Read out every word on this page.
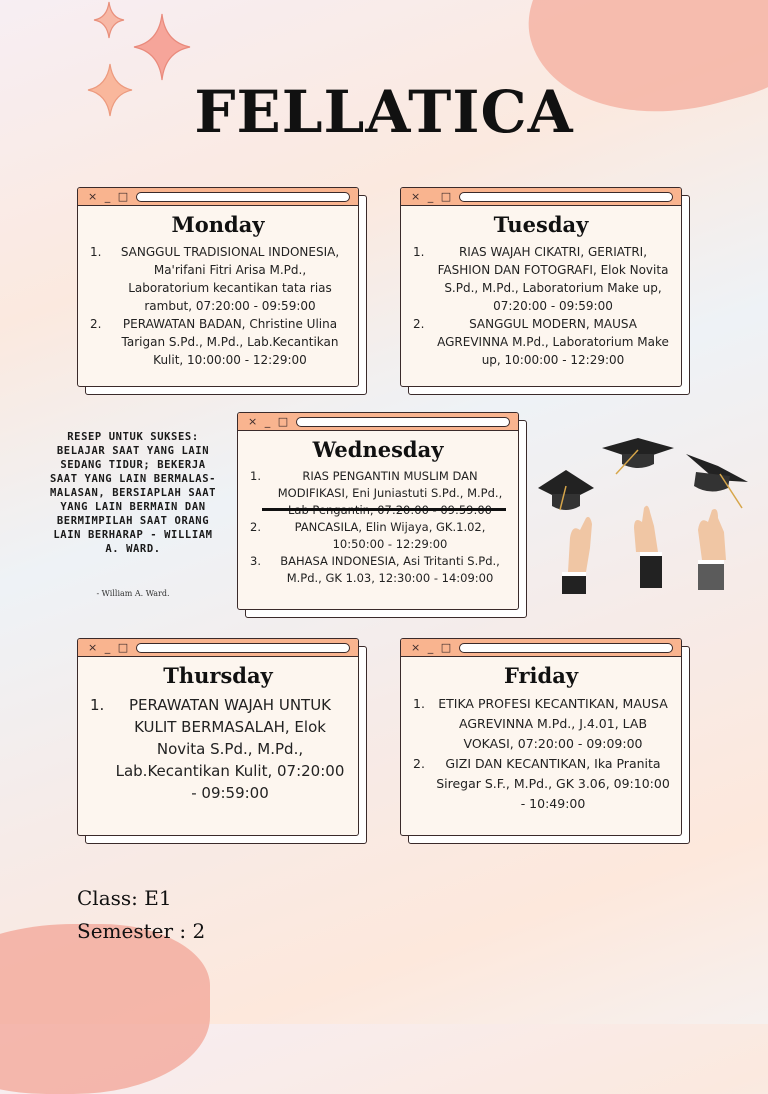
FELLATICA
× _ □
Monday
1. SANGGUL TRADISIONAL INDONESIA, Ma'rifani Fitri Arisa M.Pd., Laboratorium kecantikan tata rias rambut, 07:20:00 - 09:59:00
2. PERAWATAN BADAN, Christine Ulina Tarigan S.Pd., M.Pd., Lab.Kecantikan Kulit, 10:00:00 - 12:29:00
× _ □
Tuesday
1.	RIAS WAJAH CIKATRI, GERIATRI, FASHION DAN FOTOGRAFI, Elok Novita S.Pd., M.Pd., Laboratorium Make up, 07:20:00 - 09:59:00
2.	SANGGUL MODERN, MAUSA AGREVINNA M.Pd., Laboratorium Make up, 10:00:00 - 12:29:00
× _ □
Wednesday
1.	RIAS PENGANTIN MUSLIM DAN MODIFIKASI, Eni Juniastuti S.Pd., M.Pd.,
2.	PANCASILA, Elin Wijaya, GK.1.02, 10:50:00 - 12:29:00
3. BAHASA INDONESIA, Asi Tritanti S.Pd., M.Pd., GK 1.03, 12:30:00 - 14:09:00
RESEP UNTUK SUKSES: BELAJAR SAAT YANG LAIN SEDANG TIDUR; BEKERJA SAAT YANG LAIN BERMALAS-MALASAN, BERSIAPLAH SAAT YANG LAIN BERMAIN DAN BERMIMPILAH SAAT ORANG LAIN BERHARAP - WILLIAM A. WARD.
- William A. Ward.
× _ □
Thursday
1. PERAWATAN WAJAH UNTUK KULIT BERMASALAH, Elok Novita S.Pd., M.Pd., Lab.Kecantikan Kulit, 07:20:00 - 09:59:00
× _ □
Friday
1. ETIKA PROFESI KECANTIKAN, MAUSA AGREVINNA M.Pd., J.4.01, LAB VOKASI, 07:20:00 - 09:09:00
2. GIZI DAN KECANTIKAN, Ika Pranita Siregar S.F., M.Pd., GK 3.06, 09:10:00 - 10:49:00
Class: E1
Semester : 2
